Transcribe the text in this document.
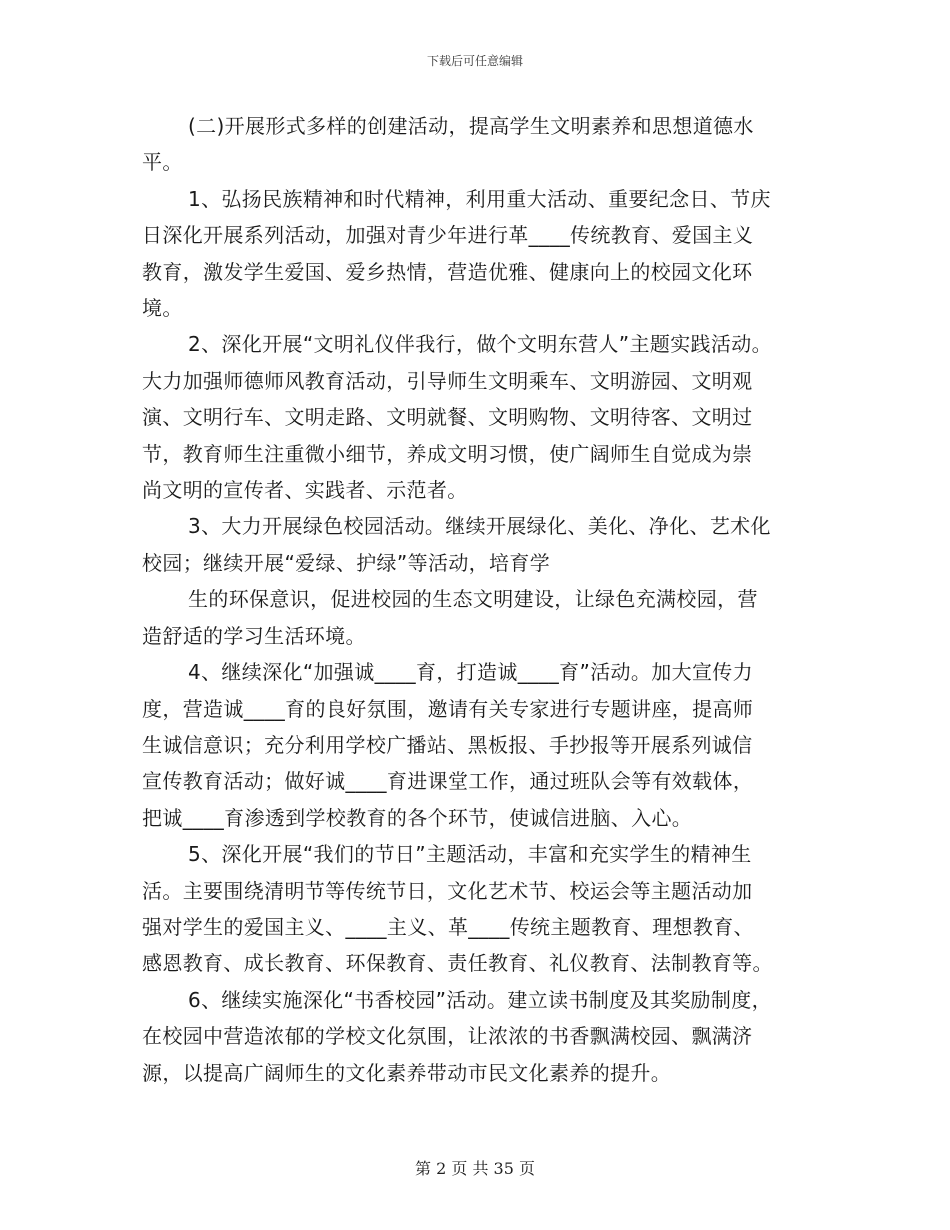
下载后可任意编辑

(二)开展形式多样的创建活动，提高学生文明素养和思想道德水

平。

1、弘扬民族精神和时代精神，利用重大活动、重要纪念日、节庆

日深化开展系列活动，加强对青少年进行革____传统教育、爱国主义

教育，激发学生爱国、爱乡热情，营造优雅、健康向上的校园文化环

境。

2、深化开展“文明礼仪伴我行，做个文明东营人”主题实践活动。

大力加强师德师风教育活动，引导师生文明乘车、文明游园、文明观

演、文明行车、文明走路、文明就餐、文明购物、文明待客、文明过

节，教育师生注重微小细节，养成文明习惯，使广阔师生自觉成为崇

尚文明的宣传者、实践者、示范者。

3、大力开展绿色校园活动。继续开展绿化、美化、净化、艺术化

校园；继续开展“爱绿、护绿”等活动，培育学

生的环保意识，促进校园的生态文明建设，让绿色充满校园，营

造舒适的学习生活环境。

4、继续深化“加强诚____育，打造诚____育”活动。加大宣传力

度，营造诚____育的良好氛围，邀请有关专家进行专题讲座，提高师

生诚信意识；充分利用学校广播站、黑板报、手抄报等开展系列诚信

宣传教育活动；做好诚____育进课堂工作，通过班队会等有效载体，

把诚____育渗透到学校教育的各个环节，使诚信进脑、入心。

5、深化开展“我们的节日”主题活动，丰富和充实学生的精神生

活。主要围绕清明节等传统节日，文化艺术节、校运会等主题活动加

强对学生的爱国主义、____主义、革____传统主题教育、理想教育、

感恩教育、成长教育、环保教育、责任教育、礼仪教育、法制教育等。

6、继续实施深化“书香校园”活动。建立读书制度及其奖励制度，

在校园中营造浓郁的学校文化氛围，让浓浓的书香飘满校园、飘满济

源，以提高广阔师生的文化素养带动市民文化素养的提升。

第 2 页 共 35 页
